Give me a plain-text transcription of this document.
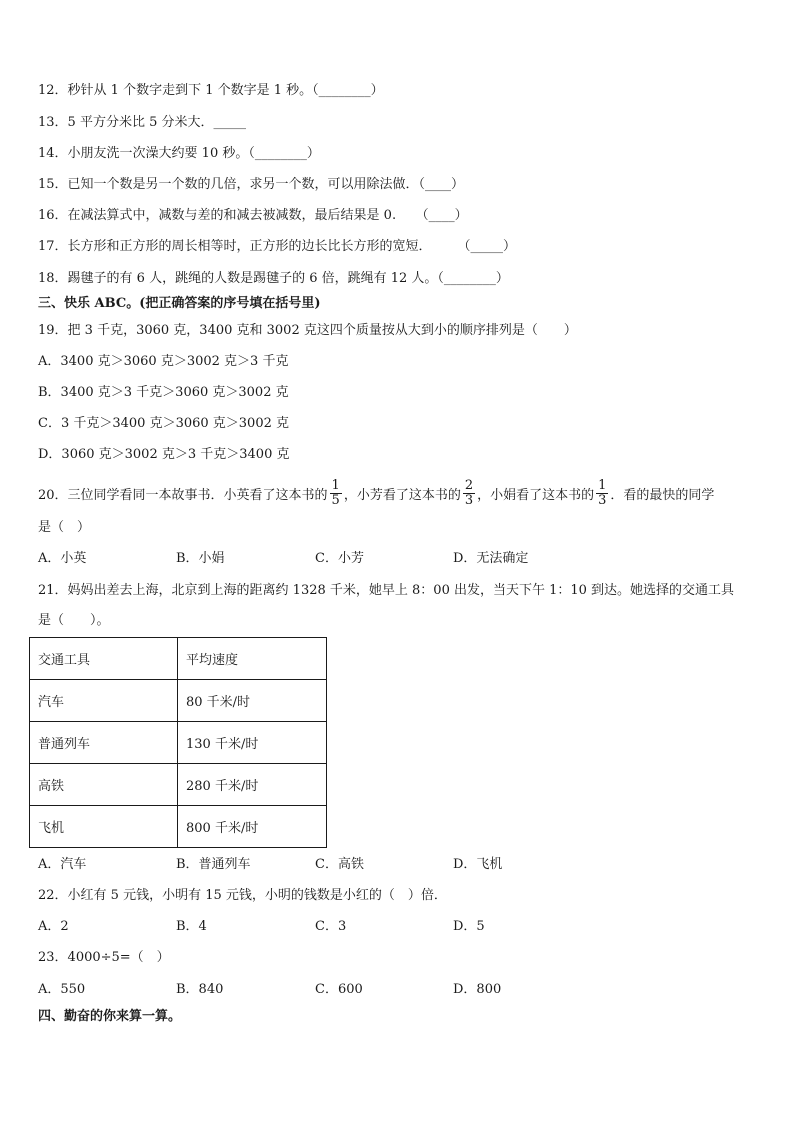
12．秒针从 1 个数字走到下 1 个数字是 1 秒。（________）
13．5 平方分米比 5 分米大．_____
14．小朋友洗一次澡大约要 10 秒。（________）
15．已知一个数是另一个数的几倍，求另一个数，可以用除法做．（____）
16．在减法算式中，减数与差的和减去被减数，最后结果是 0.　　（____）
17．长方形和正方形的周长相等时，正方形的边长比长方形的宽短．　　　（_____）
18．踢毽子的有 6 人，跳绳的人数是踢毽子的 6 倍，跳绳有 12 人。（________）
三、快乐 ABC。(把正确答案的序号填在括号里)
19．把 3 千克，3060 克，3400 克和 3002 克这四个质量按从大到小的顺序排列是（　　）
A．3400 克＞3060 克＞3002 克＞3 千克
B．3400 克＞3 千克＞3060 克＞3002 克
C．3 千克＞3400 克＞3060 克＞3002 克
D．3060 克＞3002 克＞3 千克＞3400 克
20．三位同学看同一本故事书．小英看了这本书的 $\frac{1}{5}$ ，小芳看了这本书的 $\frac{2}{3}$ ，小娟看了这本书的 $\frac{1}{3}$ ．看的最快的同学
是（　）
A．小英	B．小娟	C．小芳	D．无法确定
21．妈妈出差去上海，北京到上海的距离约 1328 千米，她早上 8：00 出发，当天下午 1：10 到达。她选择的交通工具
是（　　）。
交通工具	平均速度
汽车	80 千米/时
普通列车	130 千米/时
高铁	280 千米/时
飞机	800 千米/时
A．汽车	B．普通列车	C．高铁	D．飞机
22．小红有 5 元钱，小明有 15 元钱，小明的钱数是小红的（　）倍．
A．2	B．4	C．3	D．5
23．4000÷5=（　）
A．550	B．840	C．600	D．800
四、勤奋的你来算一算。
